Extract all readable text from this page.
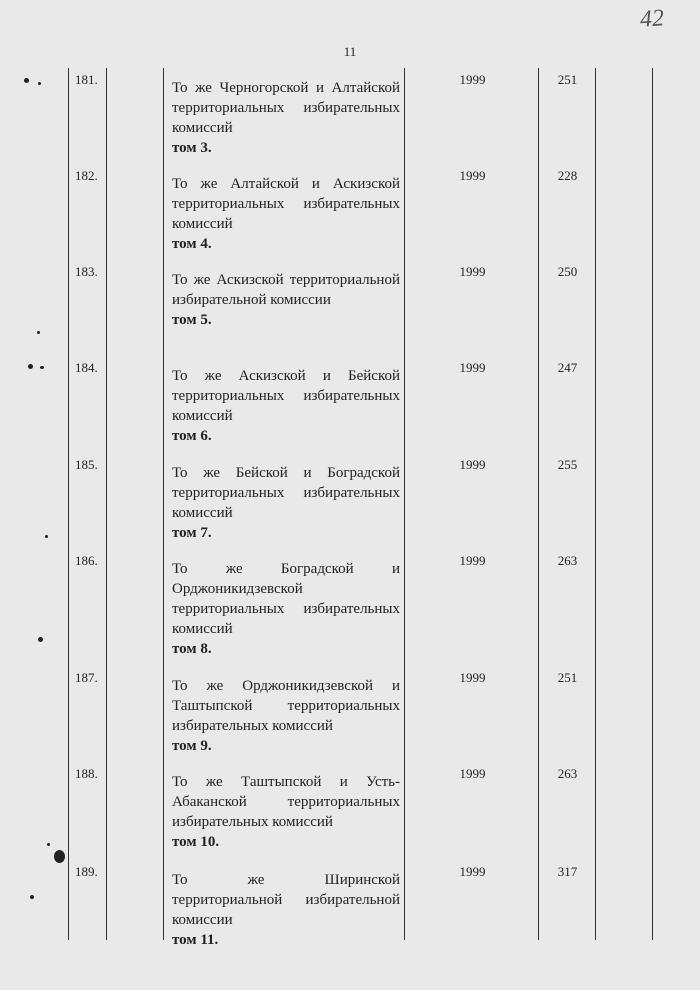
11
42
181.
То же Черногорской и Алтайской территориальных избирательных комиссий
том 3.
1999	251
182.
То же Алтайской и Аскизской территориальных избирательных комиссий
том 4.
1999	228
183.
То же Аскизской территориальной избирательной комиссии
том 5.
1999	250
184.
То же Аскизской и Бейской территориальных избирательных комиссий
том 6.
1999	247
185.
То же Бейской и Боградской территориальных избирательных комиссий
том 7.
1999	255
186.
То же Боградской и Орджоникидзевской территориальных избирательных комиссий
том 8.
1999	263
187.
То же Орджоникидзевской и Таштыпской территориальных избирательных комиссий
том 9.
1999	251
188.
То же Таштыпской и Усть-Абаканской территориальных избирательных комиссий
том 10.
1999	263
189.
То же Ширинской территориальной избирательной комиссии
том 11.
1999	317
